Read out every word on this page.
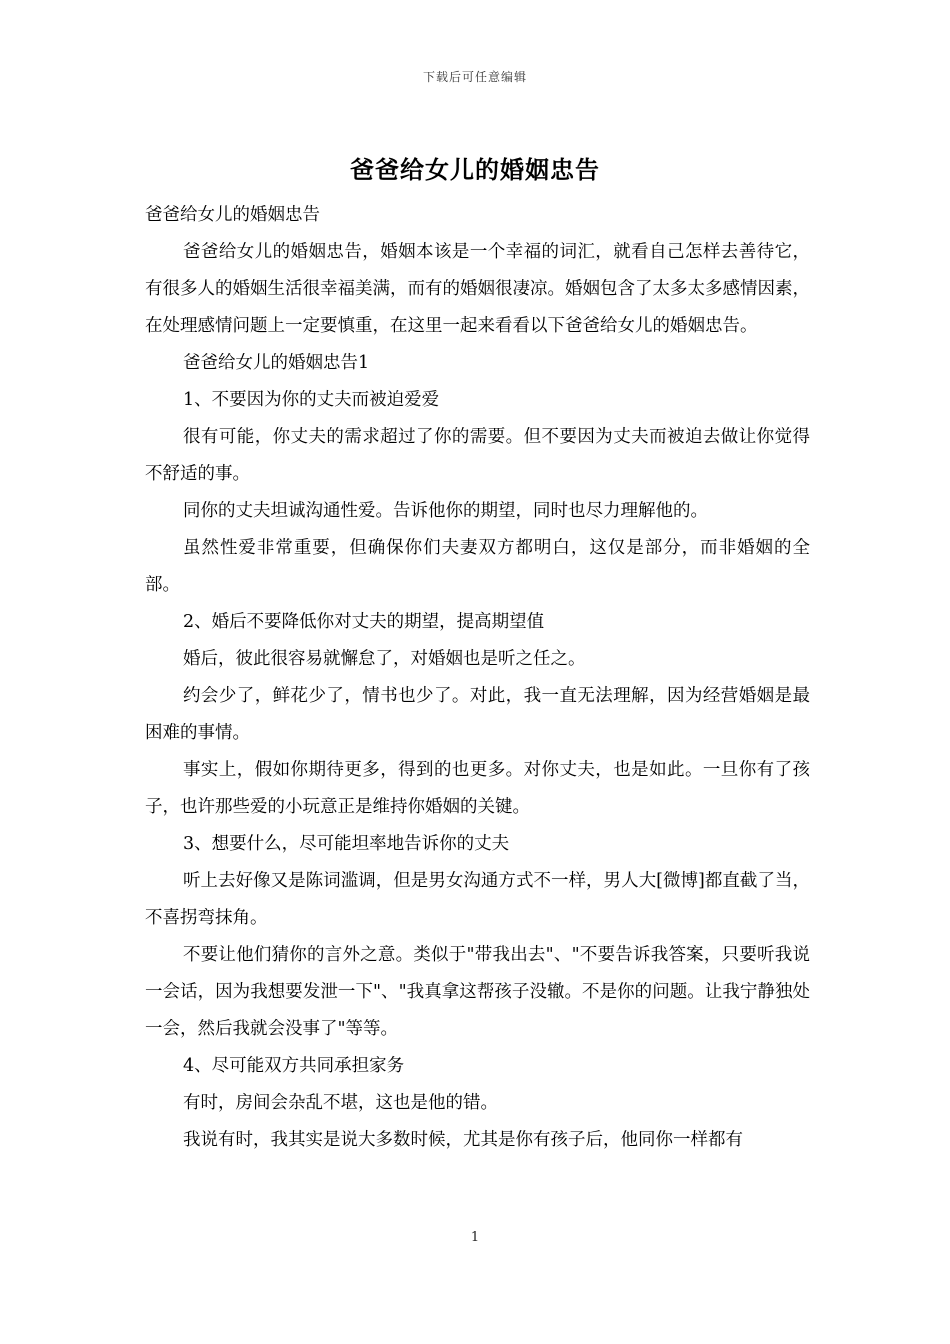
下载后可任意编辑
爸爸给女儿的婚姻忠告

爸爸给女儿的婚姻忠告

爸爸给女儿的婚姻忠告，婚姻本该是一个幸福的词汇，就看自己怎样去善待它，有很多人的婚姻生活很幸福美满，而有的婚姻很凄凉。婚姻包含了太多太多感情因素，在处理感情问题上一定要慎重，在这里一起来看看以下爸爸给女儿的婚姻忠告。

爸爸给女儿的婚姻忠告1

1、不要因为你的丈夫而被迫爱爱

很有可能，你丈夫的需求超过了你的需要。但不要因为丈夫而被迫去做让你觉得不舒适的事。

同你的丈夫坦诚沟通性爱。告诉他你的期望，同时也尽力理解他的。

虽然性爱非常重要，但确保你们夫妻双方都明白，这仅是部分，而非婚姻的全部。

2、婚后不要降低你对丈夫的期望，提高期望值

婚后，彼此很容易就懈怠了，对婚姻也是听之任之。

约会少了，鲜花少了，情书也少了。对此，我一直无法理解，因为经营婚姻是最困难的事情。

事实上，假如你期待更多，得到的也更多。对你丈夫，也是如此。一旦你有了孩子，也许那些爱的小玩意正是维持你婚姻的关键。

3、想要什么，尽可能坦率地告诉你的丈夫

听上去好像又是陈词滥调，但是男女沟通方式不一样，男人大[微博]都直截了当，不喜拐弯抹角。

不要让他们猜你的言外之意。类似于"带我出去"、"不要告诉我答案，只要听我说一会话，因为我想要发泄一下"、"我真拿这帮孩子没辙。不是你的问题。让我宁静独处一会，然后我就会没事了"等等。

4、尽可能双方共同承担家务

有时，房间会杂乱不堪，这也是他的错。

我说有时，我其实是说大多数时候，尤其是你有孩子后，他同你一样都有

1
